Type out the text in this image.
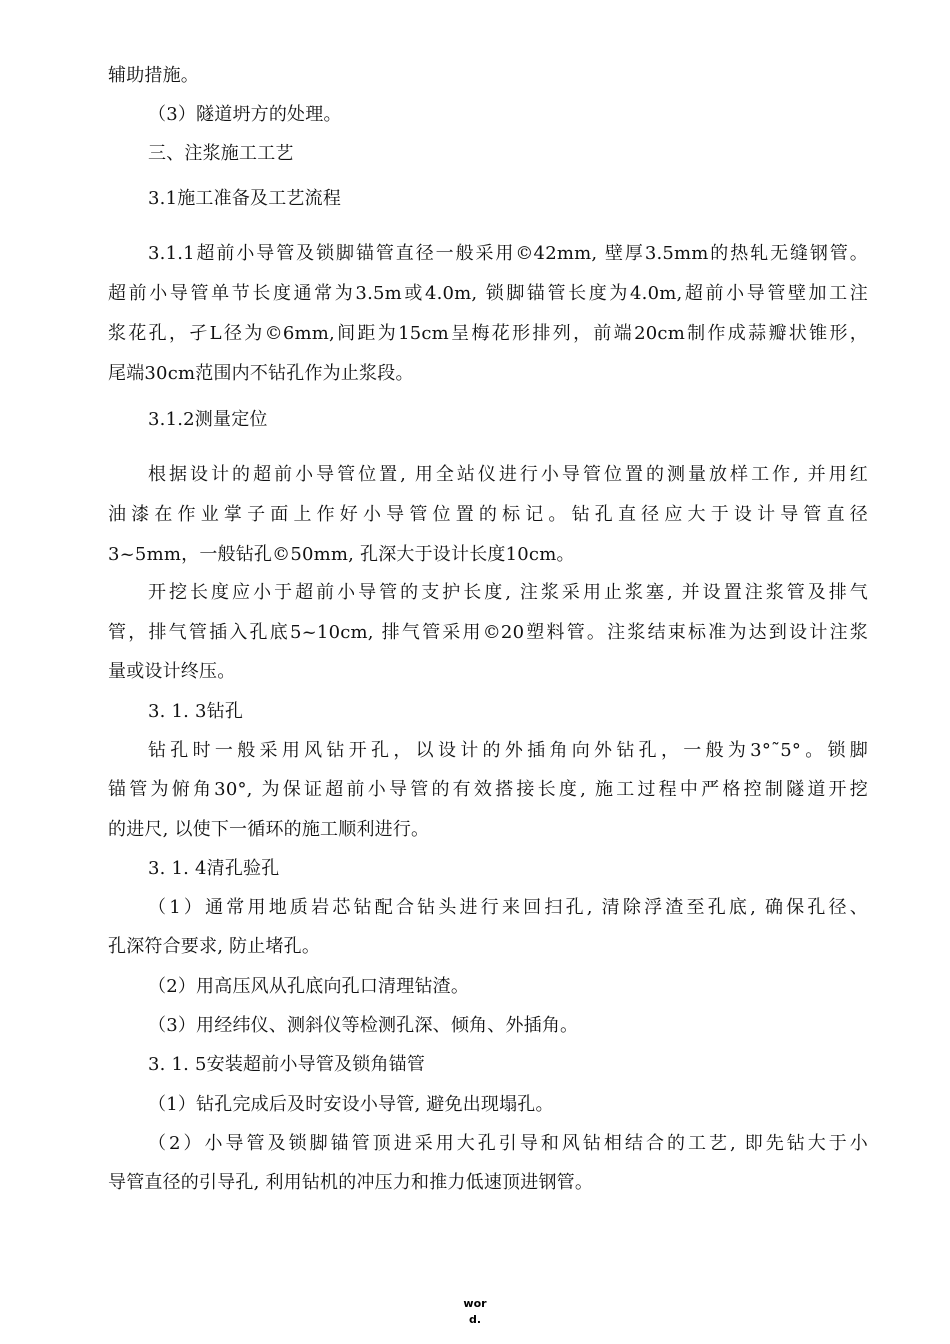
辅助措施。
（3）隧道坍方的处理。
三、注浆施工工艺
3.1施工准备及工艺流程
3.1.1超前小导管及锁脚锚管直径一般采用©42mm, 壁厚3.5mm的热轧无缝钢管。
超前小导管单节长度通常为3.5m或4.0m, 锁脚锚管长度为4.0m,超前小导管壁加工注
浆花孔，孑L径为©6mm,间距为15cm呈梅花形排列，前端20cm制作成蒜瓣状锥形，
尾端30cm范围内不钻孔作为止浆段。
3.1.2测量定位
根据设计的超前小导管位置, 用全站仪进行小导管位置的测量放样工作, 并用红
油漆在作业掌子面上作好小导管位置的标记。钻孔直径应大于设计导管直径
3~5mm，一般钻孔©50mm, 孔深大于设计长度10cm。
开挖长度应小于超前小导管的支护长度, 注浆采用止浆塞, 并设置注浆管及排气
管，排气管插入孔底5~10cm, 排气管采用©20塑料管。注浆结束标准为达到设计注浆
量或设计终压。
3. 1. 3钻孔
钻孔时一般采用风钻开孔，以设计的外插角向外钻孔，一般为3°˜5°。锁脚
锚管为俯角30°, 为保证超前小导管的有效搭接长度, 施工过程中严格控制隧道开挖
的进尺, 以使下一循环的施工顺利进行。
3. 1. 4清孔验孔
（1）通常用地质岩芯钻配合钻头进行来回扫孔, 清除浮渣至孔底, 确保孔径、
孔深符合要求, 防止堵孔。
（2）用高压风从孔底向孔口清理钻渣。
（3）用经纬仪、测斜仪等检测孔深、倾角、外插角。
3. 1. 5安装超前小导管及锁角锚管
（1）钻孔完成后及时安设小导管, 避免出现塌孔。
（2）小导管及锁脚锚管顶进采用大孔引导和风钻相结合的工艺, 即先钻大于小
导管直径的引导孔, 利用钻机的冲压力和推力低速顶进钢管。
wor
d.
